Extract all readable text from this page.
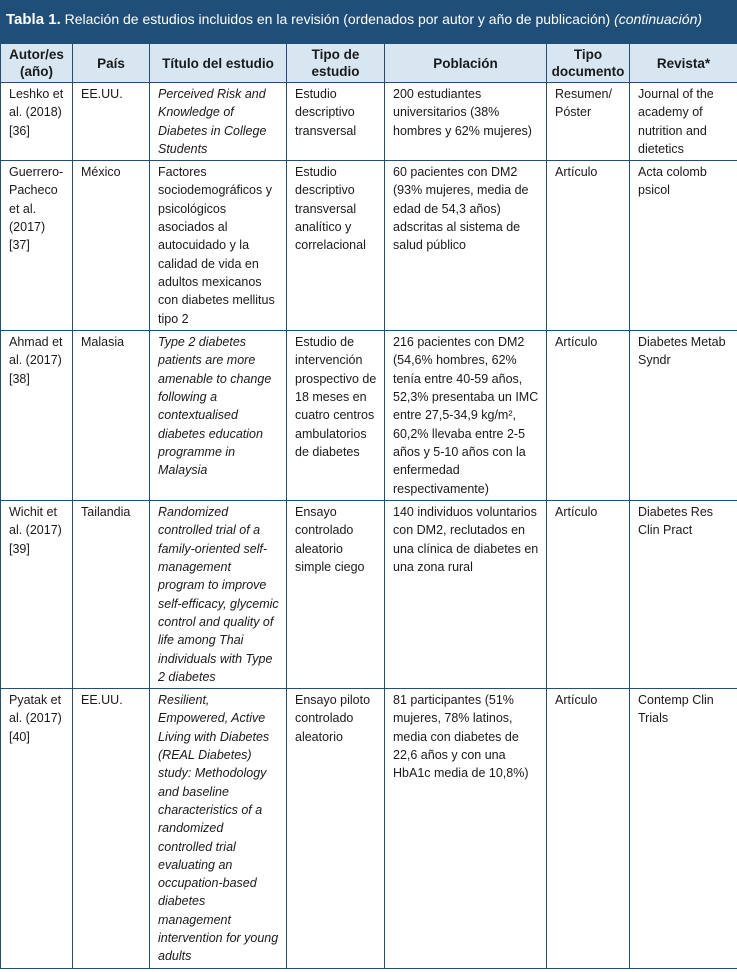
Tabla 1. Relación de estudios incluidos en la revisión (ordenados por autor y año de publicación) (continuación)
Autor/es (año)	País	Título del estudio	Tipo de estudio	Población	Tipo documento	Revista*
Leshko et al. (2018) [36]	EE.UU.	Perceived Risk and Knowledge of Diabetes in College Students	Estudio descriptivo transversal	200 estudiantes universitarios (38% hombres y 62% mujeres)	Resumen/ Póster	Journal of the academy of nutrition and dietetics
Guerrero-Pacheco et al. (2017) [37]	México	Factores sociodemográficos y psicológicos asociados al autocuidado y la calidad de vida en adultos mexicanos con diabetes mellitus tipo 2	Estudio descriptivo transversal analítico y correlacional	60 pacientes con DM2 (93% mujeres, media de edad de 54,3 años) adscritas al sistema de salud público	Artículo	Acta colomb psicol
Ahmad et al. (2017) [38]	Malasia	Type 2 diabetes patients are more amenable to change following a contextualised diabetes education programme in Malaysia	Estudio de intervención prospectivo de 18 meses en cuatro centros ambulatorios de diabetes	216 pacientes con DM2 (54,6% hombres, 62% tenía entre 40-59 años, 52,3% presentaba un IMC entre 27,5-34,9 kg/m², 60,2% llevaba entre 2-5 años y 5-10 años con la enfermedad respectivamente)	Artículo	Diabetes Metab Syndr
Wichit et al. (2017) [39]	Tailandia	Randomized controlled trial of a family-oriented self-management program to improve self-efficacy, glycemic control and quality of life among Thai individuals with Type 2 diabetes	Ensayo controlado aleatorio simple ciego	140 individuos voluntarios con DM2, reclutados en una clínica de diabetes en una zona rural	Artículo	Diabetes Res Clin Pract
Pyatak et al. (2017) [40]	EE.UU.	Resilient, Empowered, Active Living with Diabetes (REAL Diabetes) study: Methodology and baseline characteristics of a randomized controlled trial evaluating an occupation-based diabetes management intervention for young adults	Ensayo piloto controlado aleatorio	81 participantes (51% mujeres, 78% latinos, media con diabetes de 22,6 años y con una HbA1c media de 10,8%)	Artículo	Contemp Clin Trials
